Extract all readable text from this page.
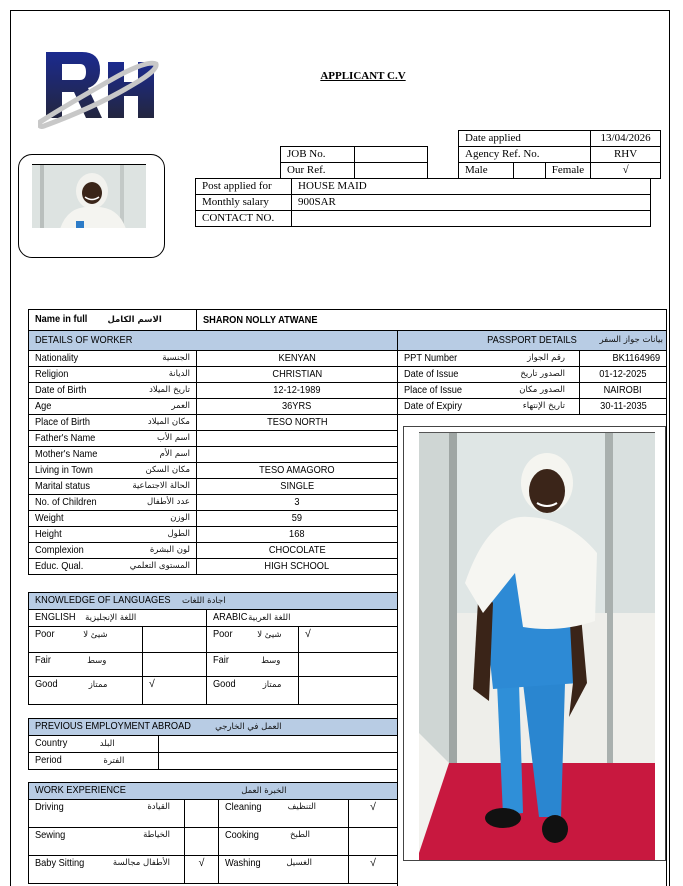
APPLICANT C.V
Date applied			13/04/2026
Agency Ref. No.			RHV
Male		Female	√
JOB No.	
Our Ref.	
Post applied for	HOUSE MAID
Monthly salary	900SAR
CONTACT NO.	
Name in full الاسم الكامل	SHARON NOLLY ATWANE
DETAILS OF WORKER	
Nationality الجنسية	KENYAN
Religion الديانة	CHRISTIAN
Date of Birth تاريخ الميلاد	12-12-1989
Age العمر	36YRS
Place of Birth مكان الميلاد	TESO NORTH
Father's Name اسم الأب	

Mother's Name اسم الأم	

Living in Town مكان السكن	TESO AMAGORO
Marital status الحالة الاجتماعية	SINGLE
No. of Children عدد الأطفال	3
Weight الوزن	59
Height الطول	168
Complexion لون البشرة	CHOCOLATE
Educ. Qual. المستوى التعلمي	HIGH SCHOOL
PASSPORT DETAILS بيانات جواز السفر	

PPT Number رقم الجواز	BK1164969
Date of Issue الصدور تاريخ	01-12-2025
Place of Issue الصدور مكان	NAIROBI
Date of Expiry تاريخ الإنتهاء	30-11-2035
KNOWLEDGE OF LANGUAGES اجادة اللغات			
ENGLISH اللغة الإنجليزية		ARABICاللغة العربية	
Poor شيئ لا		Poor شيئ لا	√
Fair وسط		Fair وسط	
Good ممتاز	√	Good ممتاز	
PREVIOUS EMPLOYMENT ABROAD العمل في الخارجي	
Country البلد	
Period الفترة	
WORK EXPERIENCE الخبرة العمل			
Driving القيادة		Cleaning التنظيف	√
Sewing الخياطة		Cooking الطبخ	

Baby Sitting الأطفال مجالسة	√	Washing الغسيل	√
